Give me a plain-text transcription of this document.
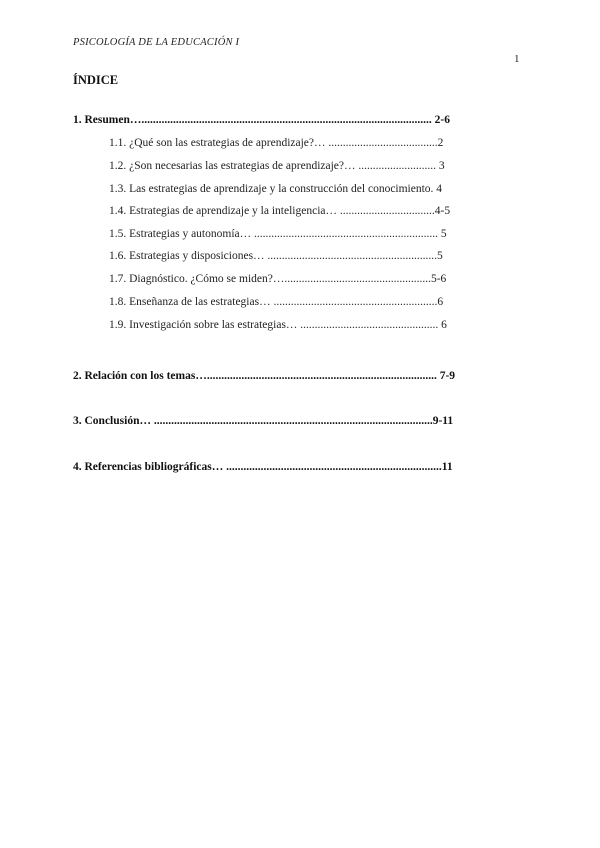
PSICOLOGÍA DE LA EDUCACIÓN I
1
ÍNDICE
1. Resumen…..................................................................................................... 2-6
1.1. ¿Qué son las estrategias de aprendizaje?… ......................................2
1.2. ¿Son necesarias las estrategias de aprendizaje?… ........................... 3
1.3. Las estrategias de aprendizaje y la construcción del conocimiento. 4
1.4. Estrategias de aprendizaje y la inteligencia… .................................4-5
1.5. Estrategias y autonomía… ................................................................ 5
1.6. Estrategias y disposiciones… ...........................................................5
1.7. Diagnóstico. ¿Cómo se miden?…...................................................5-6
1.8. Enseñanza de las estrategias… .........................................................6
1.9. Investigación sobre las estrategias… ................................................ 6
2. Relación con los temas…................................................................................ 7-9
3. Conclusión… .................................................................................................9-11
4. Referencias bibliográficas… ...........................................................................11
